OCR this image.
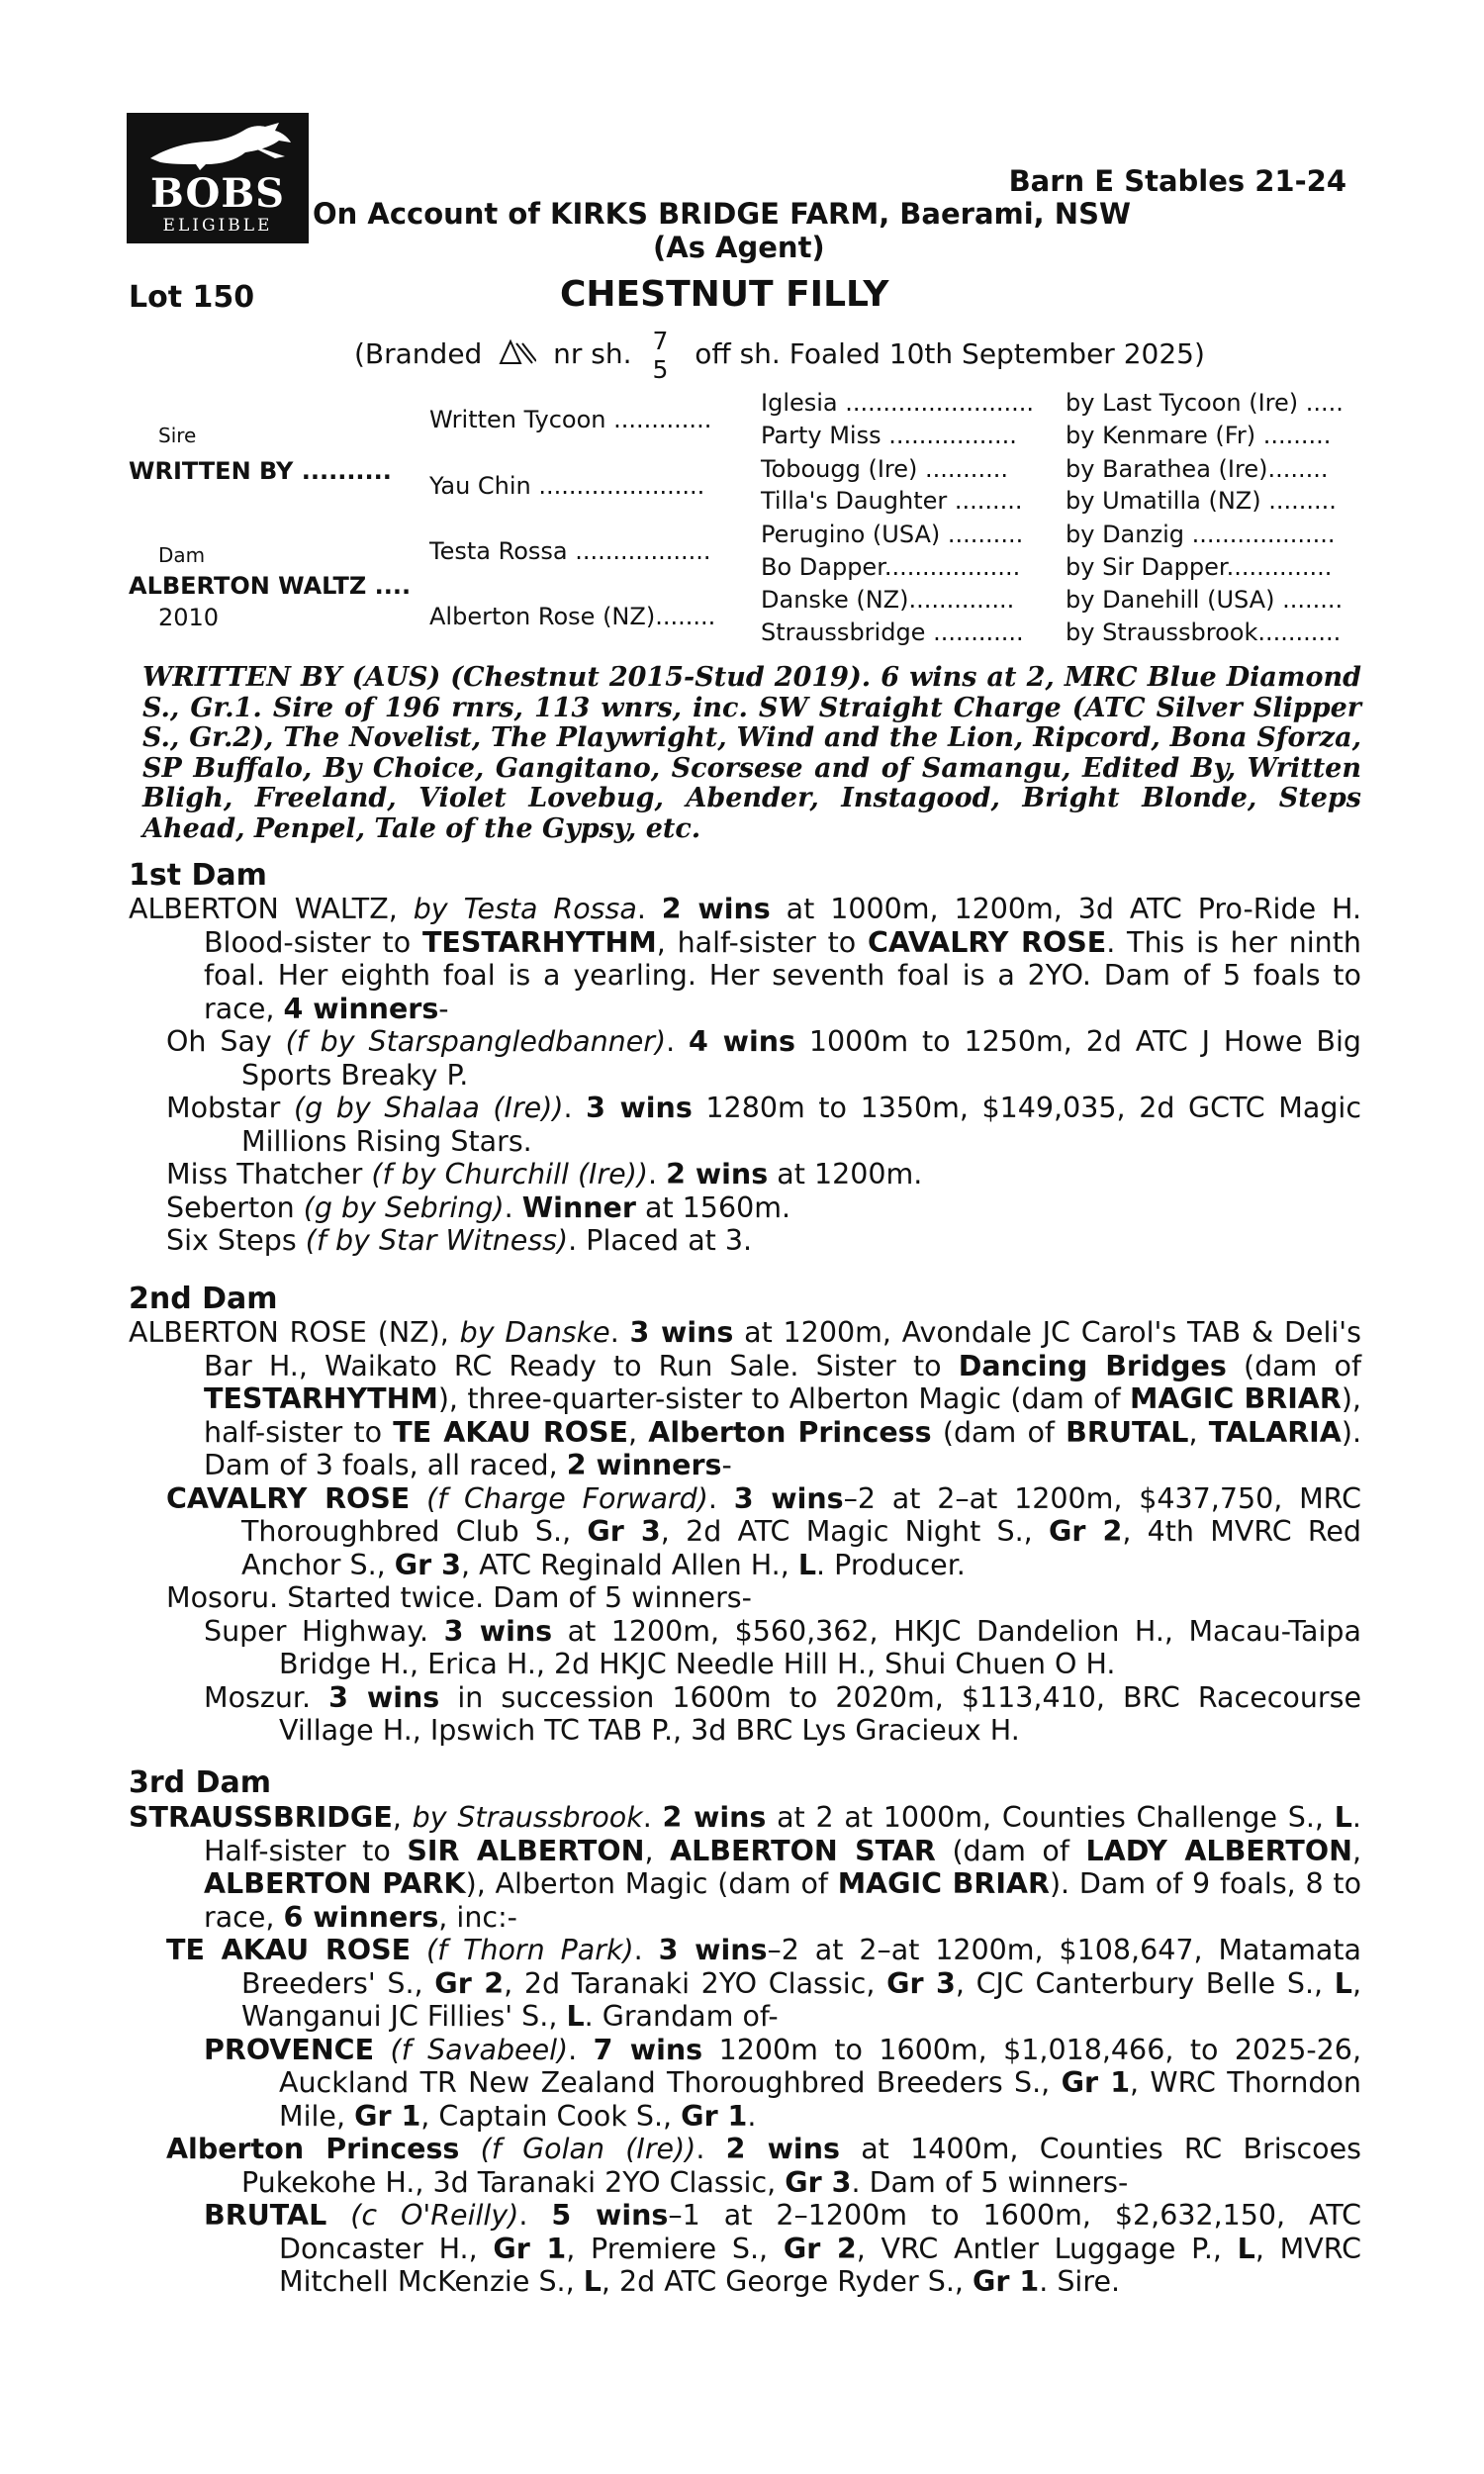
BOBS
ELIGIBLE
Barn E Stables 21-24
On Account of KIRKS BRIDGE FARM, Baerami, NSW
(As Agent)
Lot 150	CHESTNUT FILLY
(Branded	nr sh. 7
5 off sh. Foaled 10th September 2025)
Sire
WRITTEN BY ..........
Dam
ALBERTON WALTZ ....
2010
Written Tycoon .............
Yau Chin ......................
Testa Rossa ..................
Alberton Rose (NZ)........
Iglesia .........................
Party Miss .................
Tobougg (Ire) ...........
Tilla's Daughter .........
Perugino (USA) ..........
Bo Dapper..................
Danske (NZ)..............
Straussbridge ............
by Last Tycoon (Ire) .....
by Kenmare (Fr) .........
by Barathea (Ire)........
by Umatilla (NZ) .........
by Danzig ...................
by Sir Dapper..............
by Danehill (USA) ........
by Straussbrook...........
WRITTEN BY (AUS) (Chestnut 2015-Stud 2019). 6 wins at 2, MRC Blue Diamond S., Gr.1. Sire of 196 rnrs, 113 wnrs, inc. SW Straight Charge (ATC Silver Slipper S., Gr.2), The Novelist, The Playwright, Wind and the Lion, Ripcord, Bona Sforza, SP Buffalo, By Choice, Gangitano, Scorsese and of Samangu, Edited By, Written Bligh, Freeland, Violet Lovebug, Abender, Instagood, Bright Blonde, Steps Ahead, Penpel, Tale of the Gypsy, etc.
1st Dam
ALBERTON WALTZ, by Testa Rossa. 2 wins at 1000m, 1200m, 3d ATC Pro-Ride H. Blood-sister to TESTARHYTHM, half-sister to CAVALRY ROSE. This is her ninth foal. Her eighth foal is a yearling. Her seventh foal is a 2YO. Dam of 5 foals to race, 4 winners-
Oh Say (f by Starspangledbanner). 4 wins 1000m to 1250m, 2d ATC J Howe Big Sports Breaky P.
Mobstar (g by Shalaa (Ire)). 3 wins 1280m to 1350m, $149,035, 2d GCTC Magic Millions Rising Stars.
Miss Thatcher (f by Churchill (Ire)). 2 wins at 1200m.
Seberton (g by Sebring). Winner at 1560m.
Six Steps (f by Star Witness). Placed at 3.
2nd Dam
ALBERTON ROSE (NZ), by Danske. 3 wins at 1200m, Avondale JC Carol's TAB & Deli's Bar H., Waikato RC Ready to Run Sale. Sister to Dancing Bridges (dam of TESTARHYTHM), three-quarter-sister to Alberton Magic (dam of MAGIC BRIAR), half-sister to TE AKAU ROSE, Alberton Princess (dam of BRUTAL, TALARIA). Dam of 3 foals, all raced, 2 winners-
CAVALRY ROSE (f Charge Forward). 3 wins–2 at 2–at 1200m, $437,750, MRC Thoroughbred Club S., Gr 3, 2d ATC Magic Night S., Gr 2, 4th MVRC Red Anchor S., Gr 3, ATC Reginald Allen H., L. Producer.
Mosoru. Started twice. Dam of 5 winners-
Super Highway. 3 wins at 1200m, $560,362, HKJC Dandelion H., Macau-Taipa Bridge H., Erica H., 2d HKJC Needle Hill H., Shui Chuen O H.
Moszur. 3 wins in succession 1600m to 2020m, $113,410, BRC Racecourse Village H., Ipswich TC TAB P., 3d BRC Lys Gracieux H.
3rd Dam
STRAUSSBRIDGE, by Straussbrook. 2 wins at 2 at 1000m, Counties Challenge S., L. Half-sister to SIR ALBERTON, ALBERTON STAR (dam of LADY ALBERTON, ALBERTON PARK), Alberton Magic (dam of MAGIC BRIAR). Dam of 9 foals, 8 to race, 6 winners, inc:-
TE AKAU ROSE (f Thorn Park). 3 wins–2 at 2–at 1200m, $108,647, Matamata Breeders' S., Gr 2, 2d Taranaki 2YO Classic, Gr 3, CJC Canterbury Belle S., L, Wanganui JC Fillies' S., L. Grandam of-
PROVENCE (f Savabeel). 7 wins 1200m to 1600m, $1,018,466, to 2025-26, Auckland TR New Zealand Thoroughbred Breeders S., Gr 1, WRC Thorndon Mile, Gr 1, Captain Cook S., Gr 1.
Alberton Princess (f Golan (Ire)). 2 wins at 1400m, Counties RC Briscoes Pukekohe H., 3d Taranaki 2YO Classic, Gr 3. Dam of 5 winners-
BRUTAL (c O'Reilly). 5 wins–1 at 2–1200m to 1600m, $2,632,150, ATC Doncaster H., Gr 1, Premiere S., Gr 2, VRC Antler Luggage P., L, MVRC Mitchell McKenzie S., L, 2d ATC George Ryder S., Gr 1. Sire.
